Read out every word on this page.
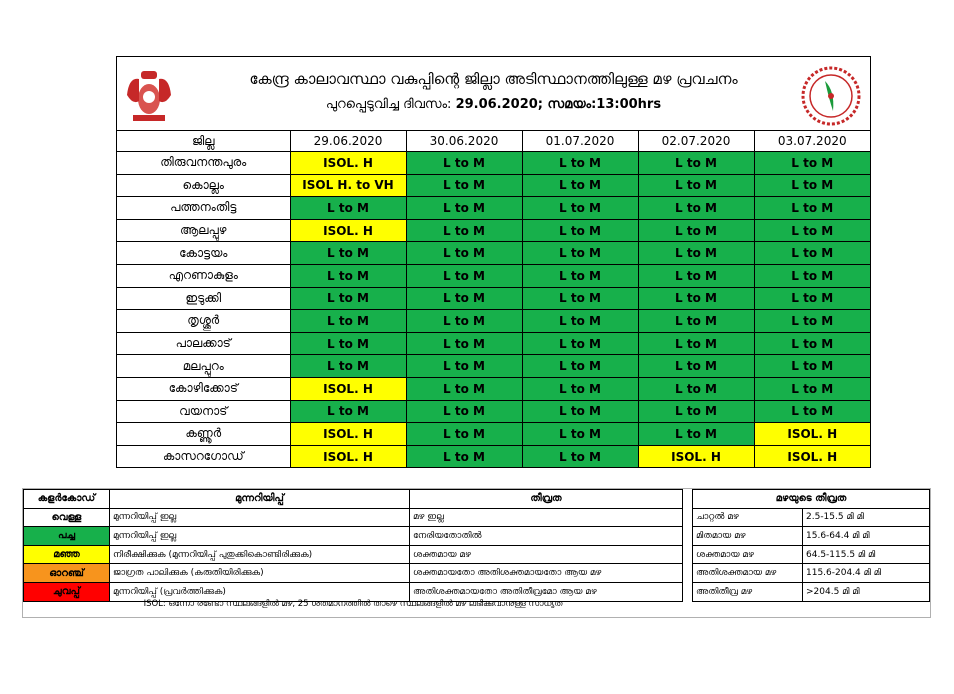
കേന്ദ്ര കാലാവസ്ഥാ വകുപ്പിന്റെ ജില്ലാ അടിസ്ഥാനത്തിലുള്ള മഴ പ്രവചനം
പുറപ്പെടുവിച്ച ദിവസം: 29.06.2020; സമയം:13:00hrs
ജില്ല	29.06.2020	30.06.2020	01.07.2020	02.07.2020	03.07.2020
തിരുവനന്തപുരം	ISOL. H	L to M	L to M	L to M	L to M
കൊല്ലം	ISOL H. to VH	L to M	L to M	L to M	L to M
പത്തനംതിട്ട	L to M	L to M	L to M	L to M	L to M
ആലപ്പുഴ	ISOL. H	L to M	L to M	L to M	L to M
കോട്ടയം	L to M	L to M	L to M	L to M	L to M
എറണാകുളം	L to M	L to M	L to M	L to M	L to M
ഇടുക്കി	L to M	L to M	L to M	L to M	L to M
തൃശ്ശൂർ	L to M	L to M	L to M	L to M	L to M
പാലക്കാട്	L to M	L to M	L to M	L to M	L to M
മലപ്പുറം	L to M	L to M	L to M	L to M	L to M
കോഴിക്കോട്	ISOL. H	L to M	L to M	L to M	L to M
വയനാട്	L to M	L to M	L to M	L to M	L to M
കണ്ണൂർ	ISOL. H	L to M	L to M	L to M	ISOL. H
കാസറഗോഡ്	ISOL. H	L to M	L to M	ISOL. H	ISOL. H
കളർകോഡ്	മുന്നറിയിപ്പ്	തീവ്രത
വെള്ള	മുന്നറിയിപ്പ് ഇല്ല	മഴ ഇല്ല
പച്ച	മുന്നറിയിപ്പ് ഇല്ല	നേരിയതോതിൽ
മഞ്ഞ	നിരീക്ഷിക്കുക (മുന്നറിയിപ്പ് പുതുക്കികൊണ്ടിരിക്കുക)	ശക്തമായ മഴ
ഓറഞ്ച്	ജാഗ്രത പാലിക്കുക (കരുതിയിരിക്കുക)	ശക്തമായതോ അതിശക്തമായതോ ആയ മഴ
ചുവപ്പ്	മുന്നറിയിപ്പ് (പ്രവർത്തിക്കുക)	അതിശക്തമായതോ അതിതീവ്രമോ ആയ മഴ
ISOL: ഒന്നോ രണ്ടോ സ്ഥലങ്ങളിൽ മഴ, 25 ശതമാനത്തിൽ താഴെ സ്ഥലങ്ങളിൽ മഴ ലഭിക്കുവാനുള്ള സാധ്യത
മഴയുടെ തീവ്രത	
ചാറ്റൽ മഴ	2.5-15.5 മി മി
മിതമായ മഴ	15.6-64.4 മി മി
ശക്തമായ മഴ	64.5-115.5 മി മി
അതിശക്തമായ മഴ	115.6-204.4 മി മി
അതിതീവ്ര മഴ	>204.5 മി മി
